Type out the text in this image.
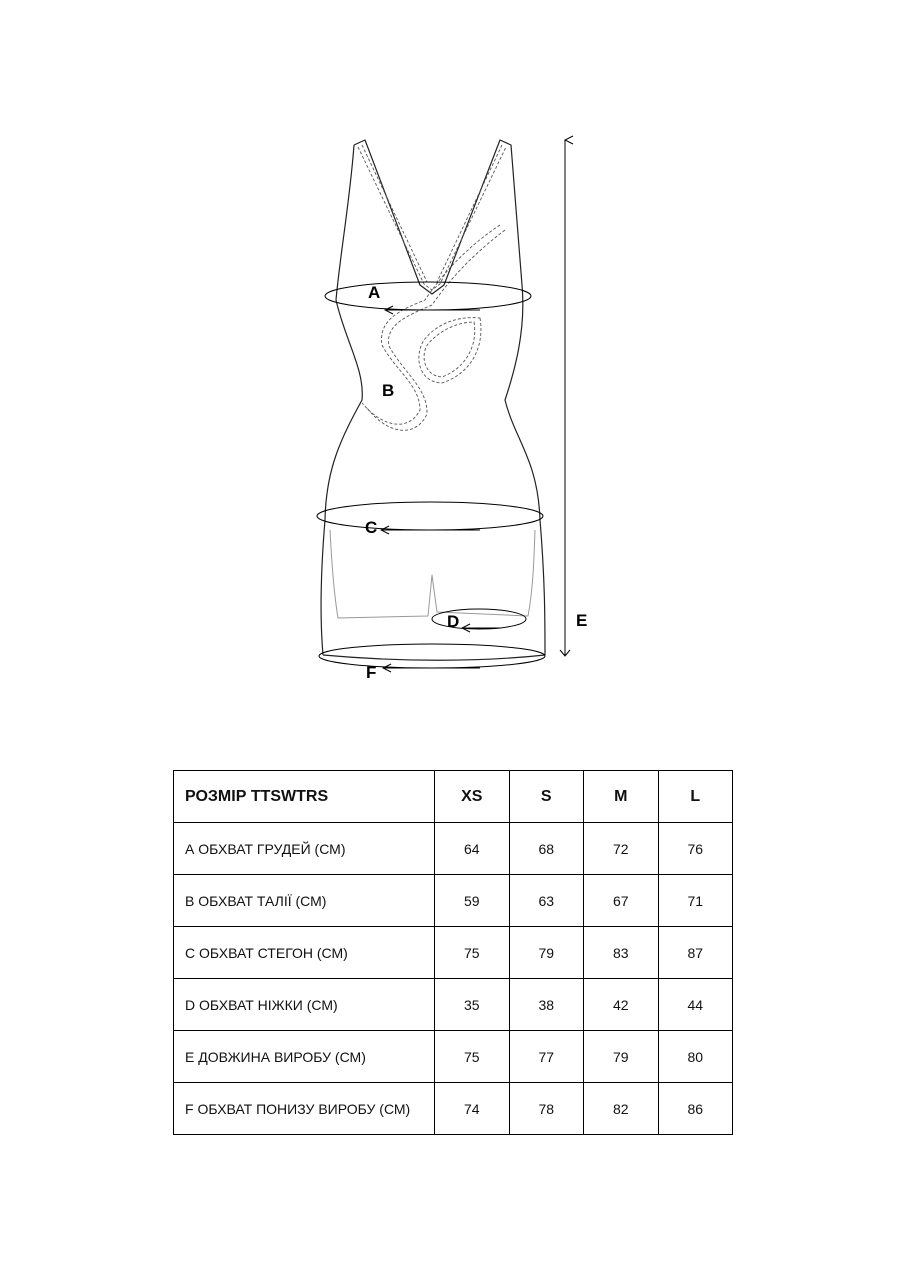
A
B
C
D	E
F
РОЗМІР TTSWTRS	XS	S	M	L
А ОБХВАТ ГРУДЕЙ (СМ)	64	68	72	76
В ОБХВАТ ТАЛІЇ (СМ)	59	63	67	71
С ОБХВАТ СТЕГОН (СМ)	75	79	83	87
D ОБХВАТ НІЖКИ (СМ)	35	38	42	44
Е ДОВЖИНА ВИРОБУ (СМ)	75	77	79	80
F ОБХВАТ ПОНИЗУ ВИРОБУ (СМ)	74	78	82	86
